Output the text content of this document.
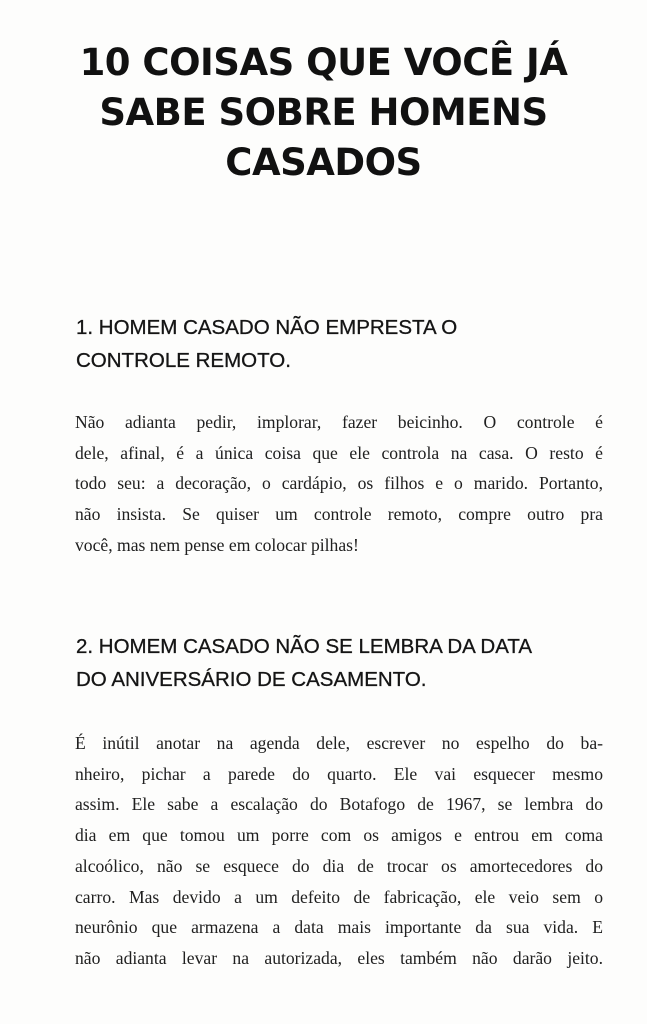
10 COISAS QUE VOCÊ JÁ
SABE SOBRE HOMENS
CASADOS
1. HOMEM CASADO NÃO EMPRESTA O
CONTROLE REMOTO.

Não adianta pedir, implorar, fazer beicinho. O controle é
dele, afinal, é a única coisa que ele controla na casa. O resto é
todo seu: a decoração, o cardápio, os filhos e o marido. Portanto,
não insista. Se quiser um controle remoto, compre outro pra
você, mas nem pense em colocar pilhas!

2. HOMEM CASADO NÃO SE LEMBRA DA DATA
DO ANIVERSÁRIO DE CASAMENTO.

É inútil anotar na agenda dele, escrever no espelho do ba-
nheiro, pichar a parede do quarto. Ele vai esquecer mesmo
assim. Ele sabe a escalação do Botafogo de 1967, se lembra do
dia em que tomou um porre com os amigos e entrou em coma
alcoólico, não se esquece do dia de trocar os amortecedores do
carro. Mas devido a um defeito de fabricação, ele veio sem o
neurônio que armazena a data mais importante da sua vida. E
não adianta levar na autorizada, eles também não darão jeito.
